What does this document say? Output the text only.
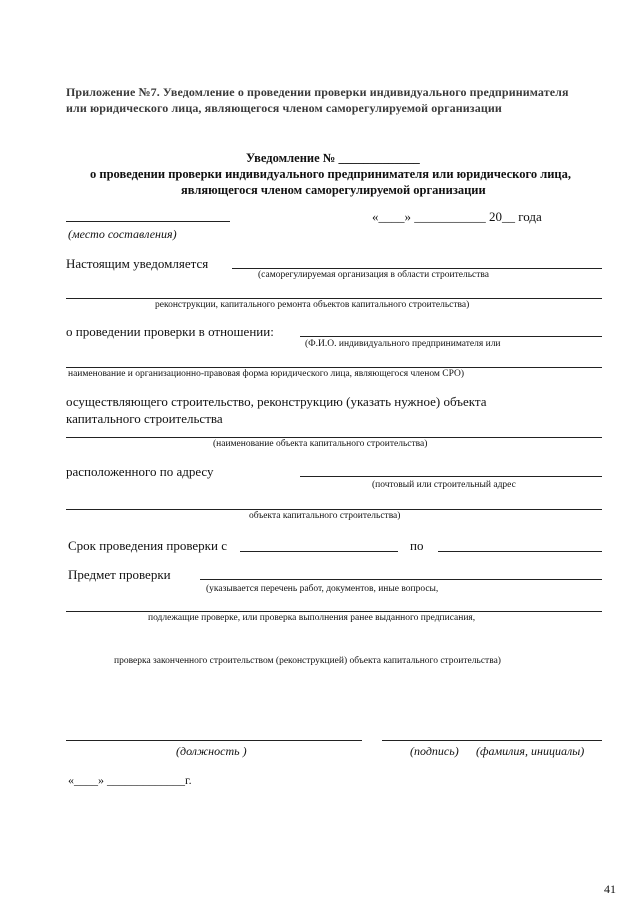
Приложение №7. Уведомление о проведении проверки индивидуального предпринимателя
или юридического лица, являющегося членом саморегулируемой организации
Уведомление № _____________
о проведении проверки индивидуального предпринимателя или юридического лица,
являющегося членом саморегулируемой организации
(место составления)
«____» ___________ 20__ года
Настоящим уведомляется
(саморегулируемая организация в области строительства
реконструкции, капитального ремонта объектов капитального строительства)
о проведении проверки в отношении:
(Ф.И.О. индивидуального предпринимателя или
наименование и организационно-правовая форма юридического лица, являющегося членом СРО)
осуществляющего строительство, реконструкцию (указать нужное) объекта
капитального строительства
(наименование объекта капитального строительства)
расположенного по адресу
(почтовый или строительный адрес
объекта капитального строительства)
Срок проведения проверки с	по
Предмет проверки
(указывается перечень работ, документов, иные вопросы,
подлежащие проверке, или проверка выполнения ранее выданного предписания,
проверка законченного строительством (реконструкцией) объекта капитального строительства)
(должность )	(подпись) (фамилия, инициалы)
«____» _____________г.
41
